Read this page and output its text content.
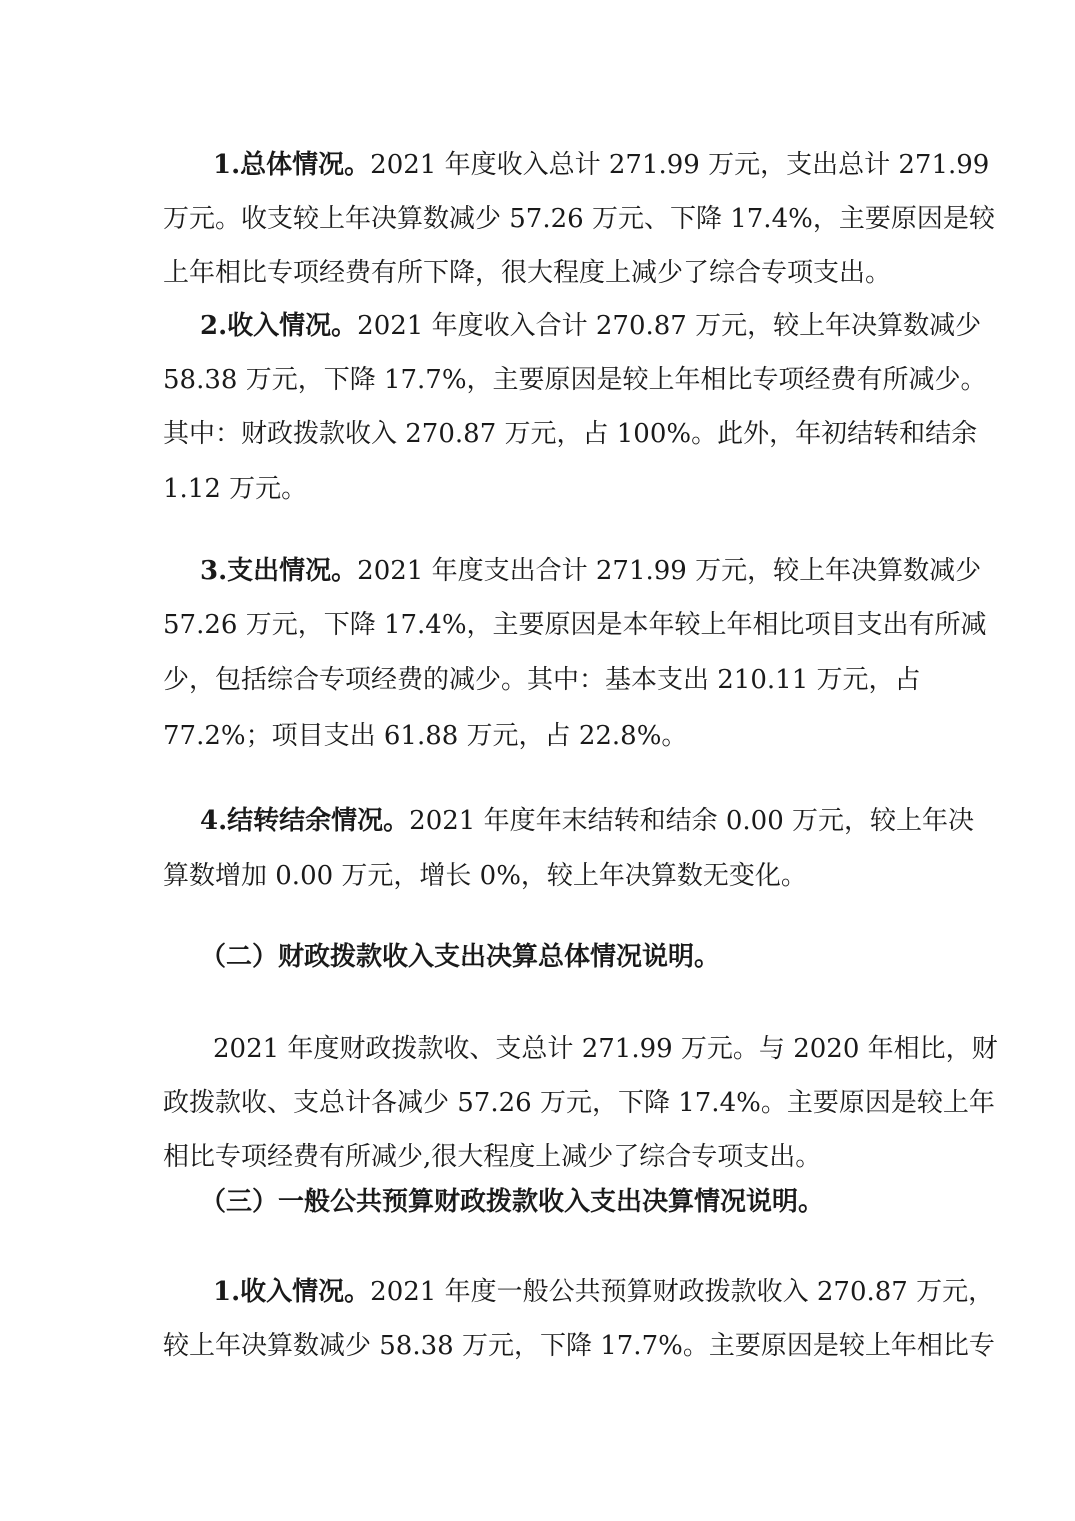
1.总体情况。2021 年度收入总计 271.99 万元，支出总计 271.99
万元。收支较上年决算数减少 57.26 万元、下降 17.4%，主要原因是较
上年相比专项经费有所下降，很大程度上减少了综合专项支出。
2.收入情况。2021 年度收入合计 270.87 万元，较上年决算数减少
58.38 万元，下降 17.7%，主要原因是较上年相比专项经费有所减少。
其中：财政拨款收入 270.87 万元，占 100%。此外，年初结转和结余
1.12 万元。
3.支出情况。2021 年度支出合计 271.99 万元，较上年决算数减少
57.26 万元，下降 17.4%，主要原因是本年较上年相比项目支出有所减
少，包括综合专项经费的减少。其中：基本支出 210.11 万元，占
77.2%；项目支出 61.88 万元，占 22.8%。
4.结转结余情况。2021 年度年末结转和结余 0.00 万元，较上年决
算数增加 0.00 万元，增长 0%，较上年决算数无变化。
（二）财政拨款收入支出决算总体情况说明。
2021 年度财政拨款收、支总计 271.99 万元。与 2020 年相比，财
政拨款收、支总计各减少 57.26 万元，下降 17.4%。主要原因是较上年
相比专项经费有所减少,很大程度上减少了综合专项支出。
（三）一般公共预算财政拨款收入支出决算情况说明。
1.收入情况。2021 年度一般公共预算财政拨款收入 270.87 万元，
较上年决算数减少 58.38 万元，下降 17.7%。主要原因是较上年相比专
